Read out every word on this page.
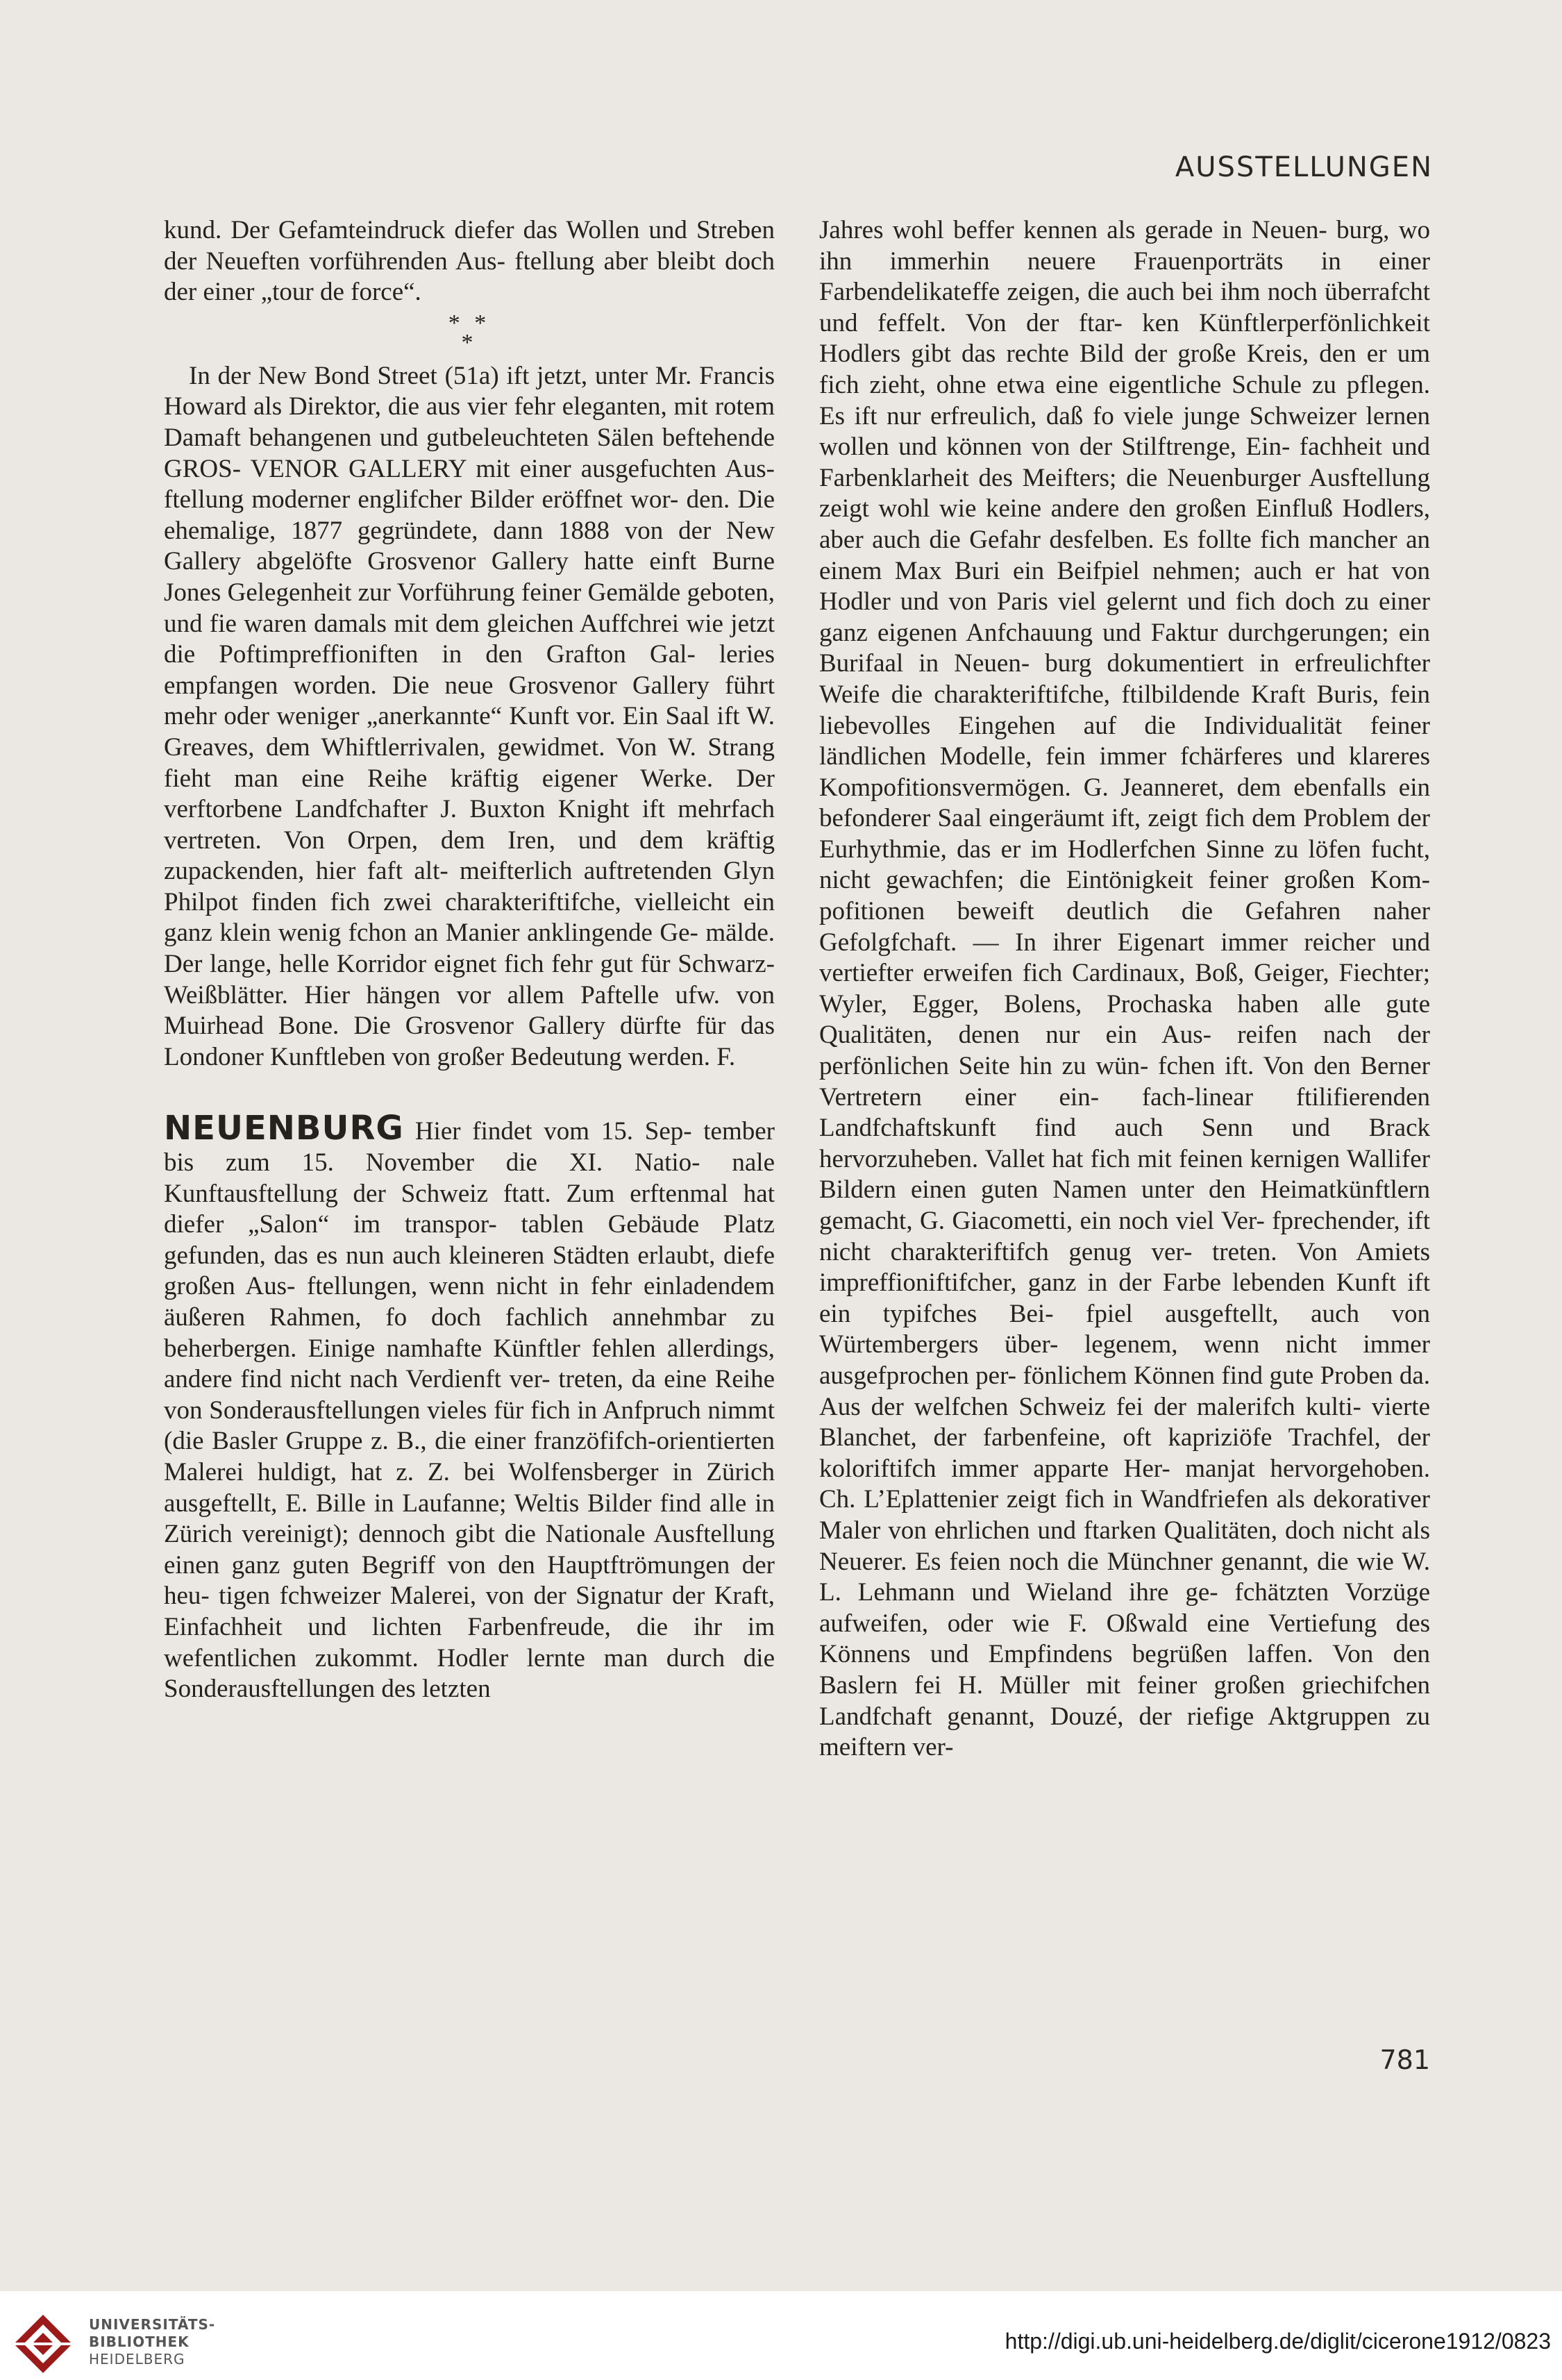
AUSSTELLUNGEN

kund. Der Gefamteindruck diefer das Wollen und Streben der Neueften vorführenden Aus- ftellung aber bleibt doch der einer „tour de force“.

* *
*

In der New Bond Street (51a) ift jetzt, unter Mr. Francis Howard als Direktor, die aus vier fehr eleganten, mit rotem Damaft behangenen und gutbeleuchteten Sälen beftehende GROS- VENOR GALLERY mit einer ausgefuchten Aus- ftellung moderner englifcher Bilder eröffnet wor- den. Die ehemalige, 1877 gegründete, dann 1888 von der New Gallery abgelöfte Grosvenor Gallery hatte einft Burne Jones Gelegenheit zur Vorführung feiner Gemälde geboten, und fie waren damals mit dem gleichen Auffchrei wie jetzt die Poftimpreffioniften in den Grafton Gal- leries empfangen worden. Die neue Grosvenor Gallery führt mehr oder weniger „anerkannte“ Kunft vor. Ein Saal ift W. Greaves, dem Whiftlerrivalen, gewidmet. Von W. Strang fieht man eine Reihe kräftig eigener Werke. Der verftorbene Landfchafter J. Buxton Knight ift mehrfach vertreten. Von Orpen, dem Iren, und dem kräftig zupackenden, hier faft alt- meifterlich auftretenden Glyn Philpot finden fich zwei charakteriftifche, vielleicht ein ganz klein wenig fchon an Manier anklingende Ge- mälde. Der lange, helle Korridor eignet fich fehr gut für Schwarz-Weißblätter. Hier hängen vor allem Paftelle ufw. von Muirhead Bone. Die Grosvenor Gallery dürfte für das Londoner Kunftleben von großer Bedeutung werden. F.

NEUENBURG Hier findet vom 15. Sep- tember bis zum 15. November die XI. Natio- nale Kunftausftellung der Schweiz ftatt. Zum erftenmal hat diefer „Salon“ im transpor- tablen Gebäude Platz gefunden, das es nun auch kleineren Städten erlaubt, diefe großen Aus- ftellungen, wenn nicht in fehr einladendem äußeren Rahmen, fo doch fachlich annehmbar zu beherbergen. Einige namhafte Künftler fehlen allerdings, andere find nicht nach Verdienft ver- treten, da eine Reihe von Sonderausftellungen vieles für fich in Anfpruch nimmt (die Basler Gruppe z. B., die einer franzöfifch-orientierten Malerei huldigt, hat z. Z. bei Wolfensberger in Zürich ausgeftellt, E. Bille in Laufanne; Weltis Bilder find alle in Zürich vereinigt); dennoch gibt die Nationale Ausftellung einen ganz guten Begriff von den Hauptftrömungen der heu- tigen fchweizer Malerei, von der Signatur der Kraft, Einfachheit und lichten Farbenfreude, die ihr im wefentlichen zukommt. Hodler lernte man durch die Sonderausftellungen des letzten

Jahres wohl beffer kennen als gerade in Neuen- burg, wo ihn immerhin neuere Frauenporträts in einer Farbendelikateffe zeigen, die auch bei ihm noch überrafcht und feffelt. Von der ftar- ken Künftlerperfönlichkeit Hodlers gibt das rechte Bild der große Kreis, den er um fich zieht, ohne etwa eine eigentliche Schule zu pflegen. Es ift nur erfreulich, daß fo viele junge Schweizer lernen wollen und können von der Stilftrenge, Ein- fachheit und Farbenklarheit des Meifters; die Neuenburger Ausftellung zeigt wohl wie keine andere den großen Einfluß Hodlers, aber auch die Gefahr desfelben. Es follte fich mancher an einem Max Buri ein Beifpiel nehmen; auch er hat von Hodler und von Paris viel gelernt und fich doch zu einer ganz eigenen Anfchauung und Faktur durchgerungen; ein Burifaal in Neuen- burg dokumentiert in erfreulichfter Weife die charakteriftifche, ftilbildende Kraft Buris, fein liebevolles Eingehen auf die Individualität feiner ländlichen Modelle, fein immer fchärferes und klareres Kompofitionsvermögen. G. Jeanneret, dem ebenfalls ein befonderer Saal eingeräumt ift, zeigt fich dem Problem der Eurhythmie, das er im Hodlerfchen Sinne zu löfen fucht, nicht gewachfen; die Eintönigkeit feiner großen Kom- pofitionen beweift deutlich die Gefahren naher Gefolgfchaft. — In ihrer Eigenart immer reicher und vertiefter erweifen fich Cardinaux, Boß, Geiger, Fiechter; Wyler, Egger, Bolens, Prochaska haben alle gute Qualitäten, denen nur ein Aus- reifen nach der perfönlichen Seite hin zu wün- fchen ift. Von den Berner Vertretern einer ein- fach-linear ftilifierenden Landfchaftskunft find auch Senn und Brack hervorzuheben. Vallet hat fich mit feinen kernigen Wallifer Bildern einen guten Namen unter den Heimatkünftlern gemacht, G. Giacometti, ein noch viel Ver- fprechender, ift nicht charakteriftifch genug ver- treten. Von Amiets impreffioniftifcher, ganz in der Farbe lebenden Kunft ift ein typifches Bei- fpiel ausgeftellt, auch von Würtembergers über- legenem, wenn nicht immer ausgefprochen per- fönlichem Können find gute Proben da. Aus der welfchen Schweiz fei der malerifch kulti- vierte Blanchet, der farbenfeine, oft kapriziöfe Trachfel, der koloriftifch immer apparte Her- manjat hervorgehoben. Ch. L’Eplattenier zeigt fich in Wandfriefen als dekorativer Maler von ehrlichen und ftarken Qualitäten, doch nicht als Neuerer. Es feien noch die Münchner genannt, die wie W. L. Lehmann und Wieland ihre ge- fchätzten Vorzüge aufweifen, oder wie F. Oßwald eine Vertiefung des Könnens und Empfindens begrüßen laffen. Von den Baslern fei H. Müller mit feiner großen griechifchen Landfchaft genannt, Douzé, der riefige Aktgruppen zu meiftern ver-

781
UNIVERSITÄTS-
BIBLIOTHEK
HEIDELBERG
http://digi.ub.uni-heidelberg.de/diglit/cicerone1912/0823
